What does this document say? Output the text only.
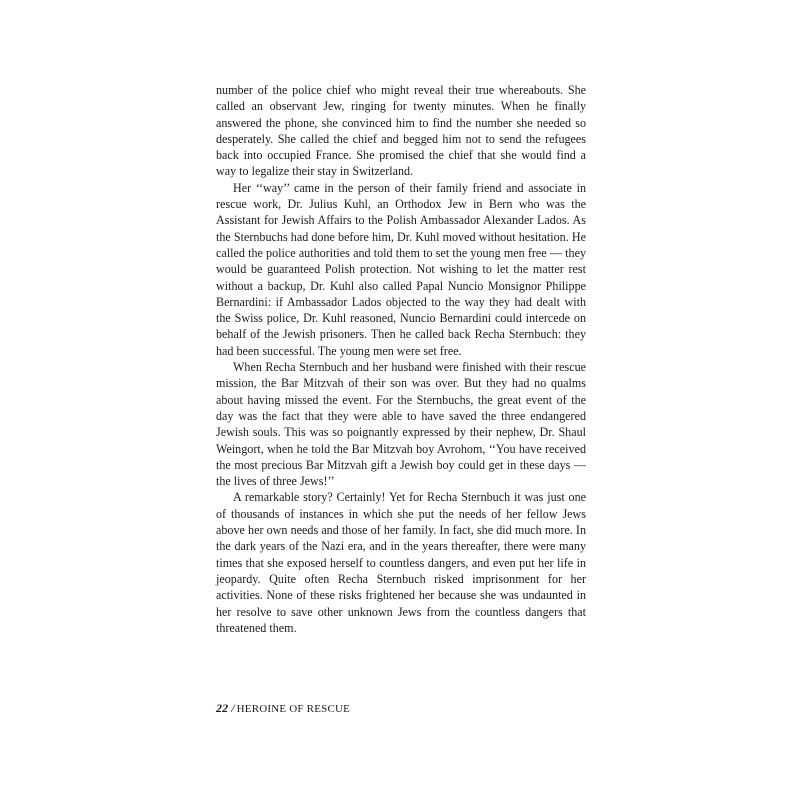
number of the police chief who might reveal their true whereabouts. She called an observant Jew, ringing for twenty minutes. When he finally answered the phone, she convinced him to find the number she needed so desperately. She called the chief and begged him not to send the refugees back into occupied France. She promised the chief that she would find a way to legalize their stay in Switzerland.

Her ‘‘way’’ came in the person of their family friend and associate in rescue work, Dr. Julius Kuhl, an Orthodox Jew in Bern who was the Assistant for Jewish Affairs to the Polish Ambassador Alexander Lados. As the Sternbuchs had done before him, Dr. Kuhl moved without hesitation. He called the police authorities and told them to set the young men free — they would be guaranteed Polish protection. Not wishing to let the matter rest without a backup, Dr. Kuhl also called Papal Nuncio Monsignor Philippe Bernardini: if Ambassador Lados objected to the way they had dealt with the Swiss police, Dr. Kuhl reasoned, Nuncio Bernardini could intercede on behalf of the Jewish prisoners. Then he called back Recha Sternbuch: they had been successful. The young men were set free.

When Recha Sternbuch and her husband were finished with their rescue mission, the Bar Mitzvah of their son was over. But they had no qualms about having missed the event. For the Sternbuchs, the great event of the day was the fact that they were able to have saved the three endangered Jewish souls. This was so poignantly expressed by their nephew, Dr. Shaul Weingort, when he told the Bar Mitzvah boy Avrohom, ‘‘You have received the most precious Bar Mitzvah gift a Jewish boy could get in these days — the lives of three Jews!’’

A remarkable story? Certainly! Yet for Recha Sternbuch it was just one of thousands of instances in which she put the needs of her fellow Jews above her own needs and those of her family. In fact, she did much more. In the dark years of the Nazi era, and in the years thereafter, there were many times that she exposed herself to countless dangers, and even put her life in jeopardy. Quite often Recha Sternbuch risked imprisonment for her activities. None of these risks frightened her because she was undaunted in her resolve to save other unknown Jews from the countless dangers that threatened them.

22 / HEROINE OF RESCUE
